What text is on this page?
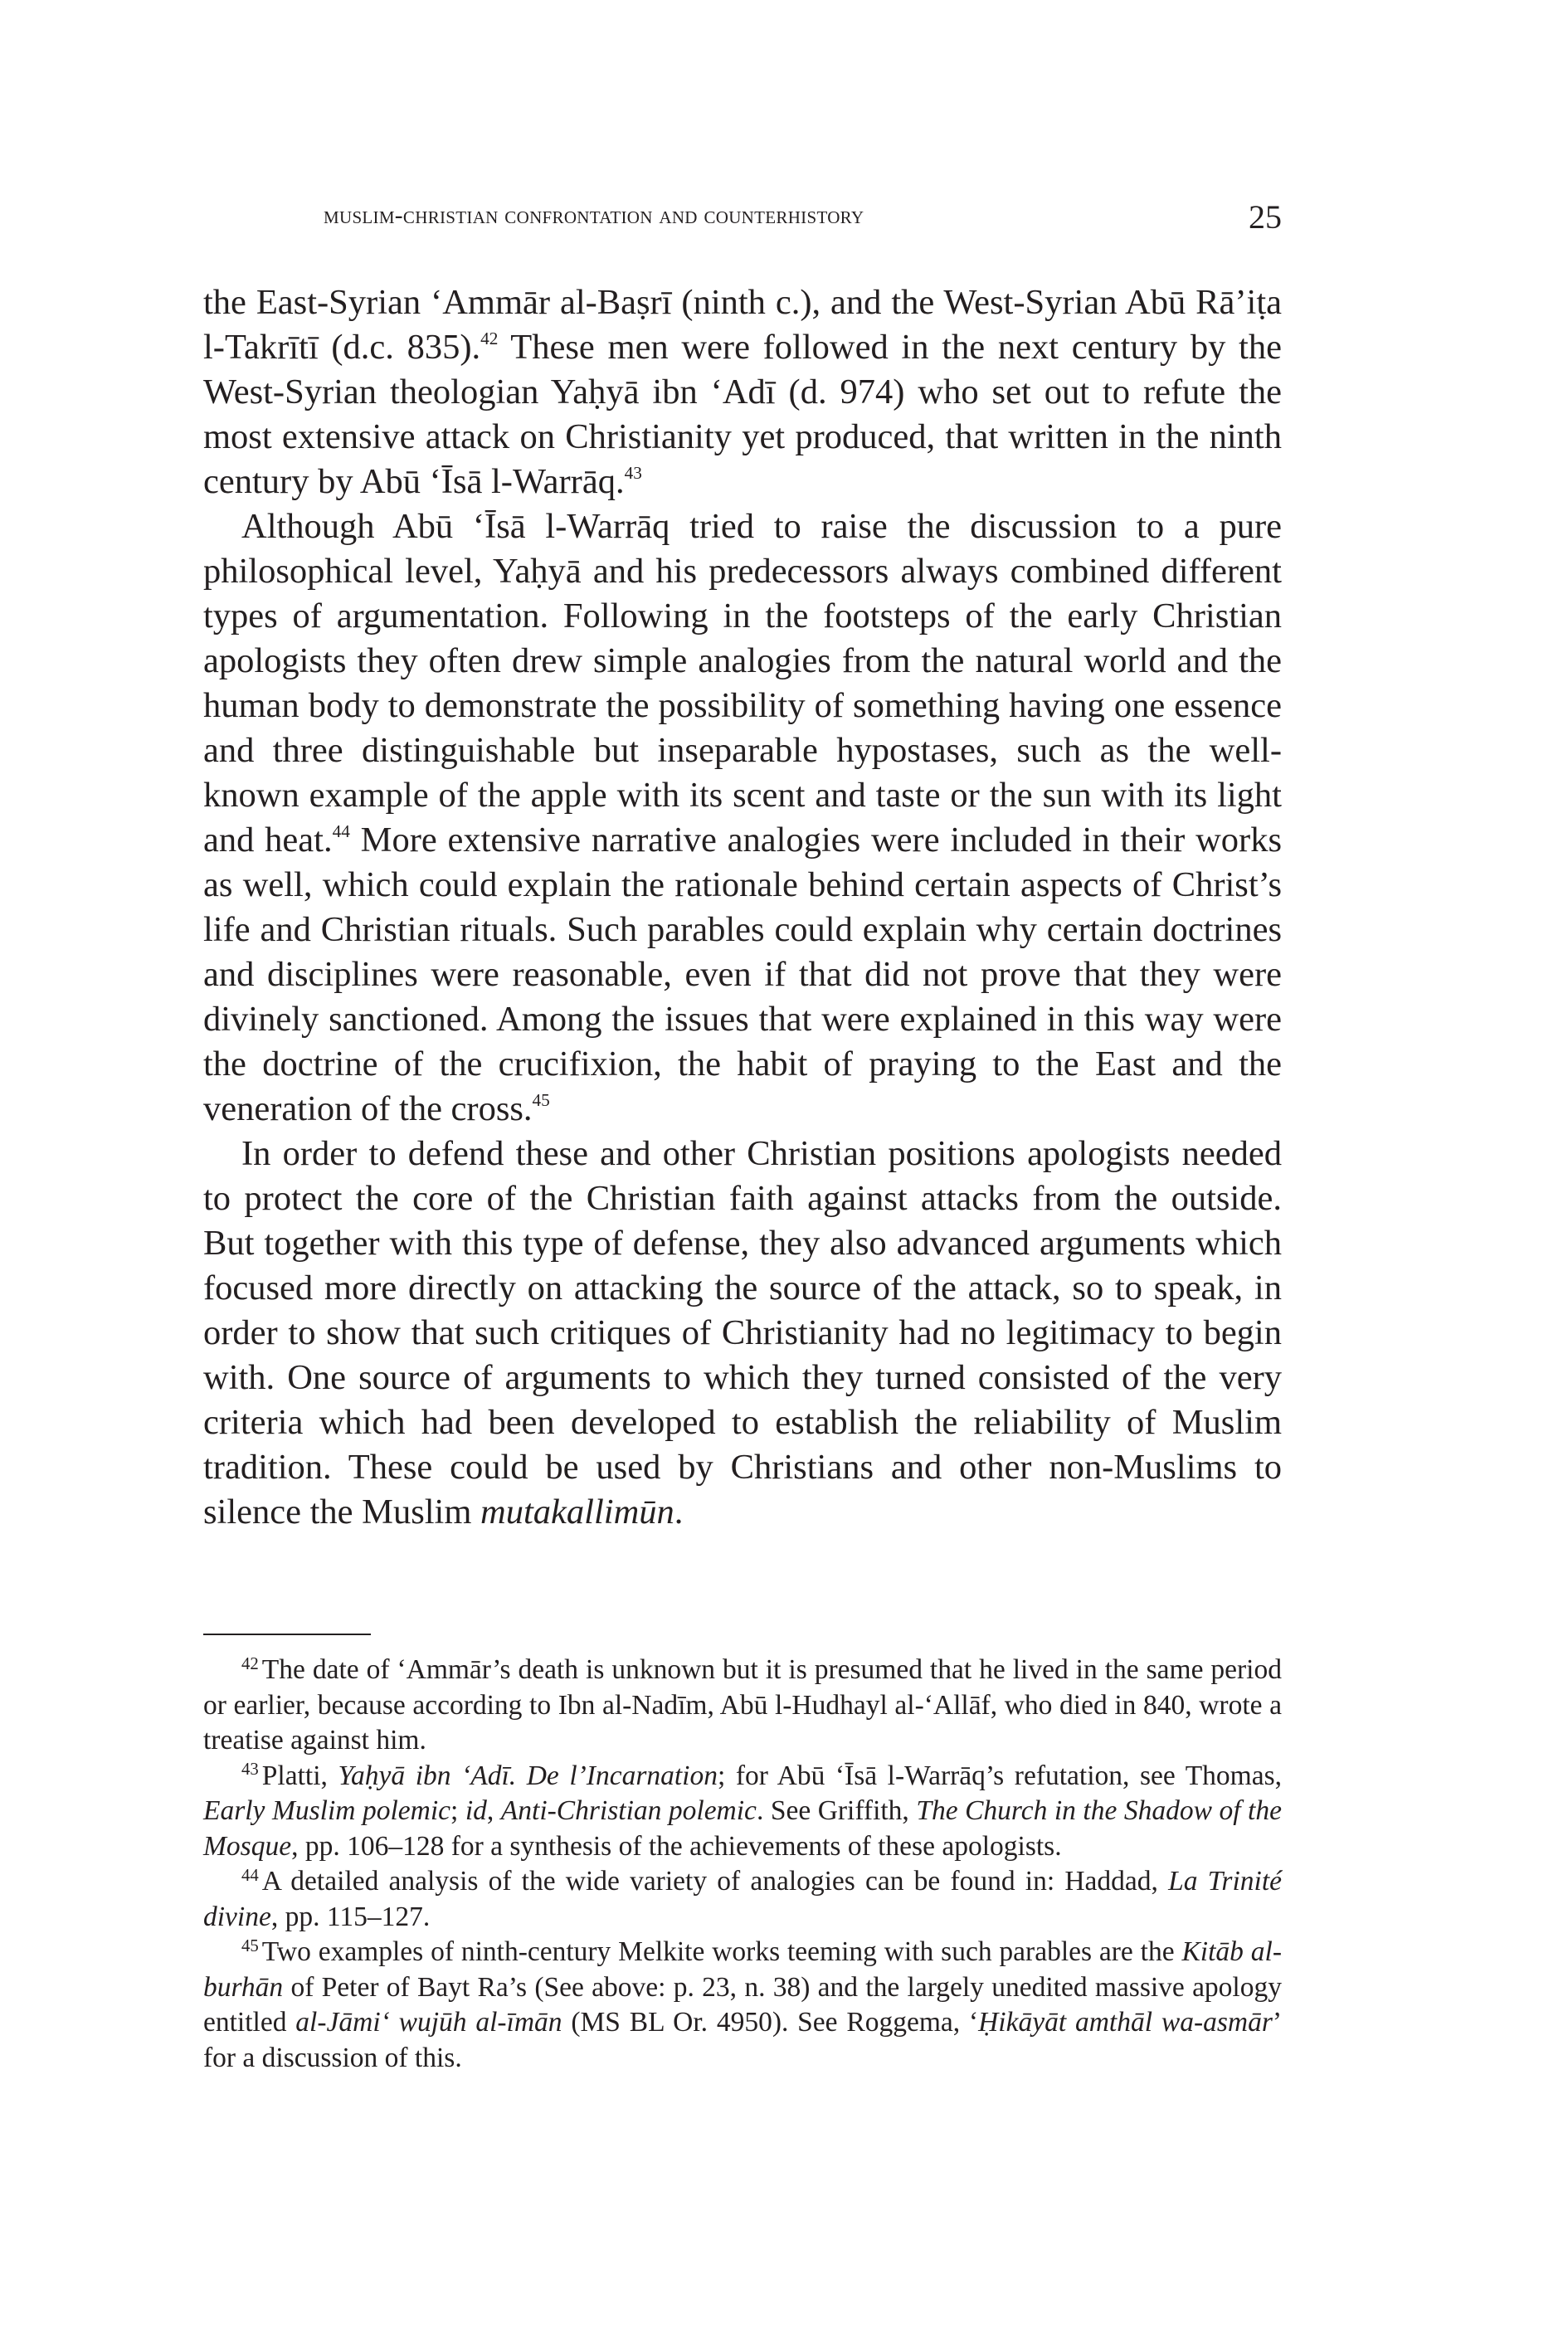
muslim-christian confrontation and counterhistory	25

the East-Syrian ‘Ammār al-Baṣrī (ninth c.), and the West-Syrian Abū Rā’iṭa l-Takrītī (d.c. 835).$^{42}$ These men were followed in the next century by the West-Syrian theologian Yaḥyā ibn ‘Adī (d. 974) who set out to refute the most extensive attack on Christianity yet produced, that written in the ninth century by Abū ‘Īsā l-Warrāq.$^{43}$

Although Abū ‘Īsā l-Warrāq tried to raise the discussion to a pure philosophical level, Yaḥyā and his predecessors always combined different types of argumentation. Following in the footsteps of the early Christian apologists they often drew simple analogies from the natural world and the human body to demonstrate the possibility of something having one essence and three distinguishable but inseparable hypostases, such as the well-known example of the apple with its scent and taste or the sun with its light and heat.$^{44}$ More extensive narrative analogies were included in their works as well, which could explain the rationale behind certain aspects of Christ’s life and Christian rituals. Such parables could explain why certain doctrines and disciplines were reasonable, even if that did not prove that they were divinely sanctioned. Among the issues that were explained in this way were the doctrine of the crucifixion, the habit of praying to the East and the veneration of the cross.$^{45}$

In order to defend these and other Christian positions apologists needed to protect the core of the Christian faith against attacks from the outside. But together with this type of defense, they also advanced arguments which focused more directly on attacking the source of the attack, so to speak, in order to show that such critiques of Christianity had no legitimacy to begin with. One source of arguments to which they turned consisted of the very criteria which had been developed to establish the reliability of Muslim tradition. These could be used by Christians and other non-Muslims to silence the Muslim mutakallimūn.

$^{42}$ The date of ‘Ammār’s death is unknown but it is presumed that he lived in the same period or earlier, because according to Ibn al-Nadīm, Abū l-Hudhayl al-‘Allāf, who died in 840, wrote a treatise against him.

$^{43}$ Platti, Yaḥyā ibn ‘Adī. De l’Incarnation; for Abū ‘Īsā l-Warrāq’s refutation, see Thomas, Early Muslim polemic; id, Anti-Christian polemic. See Griffith, The Church in the Shadow of the Mosque, pp. 106–128 for a synthesis of the achievements of these apologists.

$^{44}$ A detailed analysis of the wide variety of analogies can be found in: Haddad, La Trinité divine, pp. 115–127.

$^{45}$ Two examples of ninth-century Melkite works teeming with such parables are the Kitāb al-burhān of Peter of Bayt Ra’s (See above: p. 23, n. 38) and the largely unedited massive apology entitled al-Jāmi‘ wujūh al-īmān (MS BL Or. 4950). See Roggema, ‘Ḥikāyāt amthāl wa-asmār’ for a discussion of this.
